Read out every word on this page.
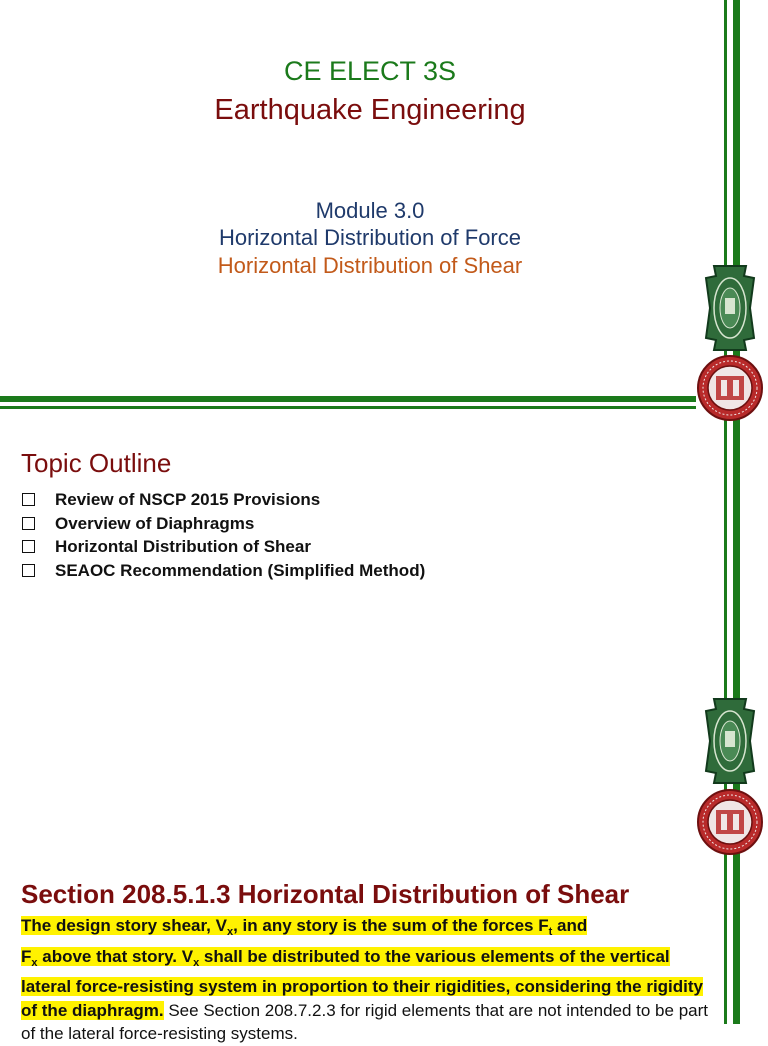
CE ELECT 3S
Earthquake Engineering
Module 3.0
Horizontal Distribution of Force
Horizontal Distribution of Shear
Topic Outline
Review of NSCP 2015 Provisions
Overview of Diaphragms
Horizontal Distribution of Shear
SEAOC Recommendation (Simplified Method)
Section 208.5.1.3 Horizontal Distribution of Shear
The design story shear, $V_x$, in any story is the sum of the forces $F_t$ and
$F_x$ above that story. $V_x$ shall be distributed to the various elements of the vertical lateral force-resisting system in proportion to their rigidities, considering the rigidity of the diaphragm. See Section 208.7.2.3 for rigid elements that are not intended to be part of the lateral force-resisting systems.
